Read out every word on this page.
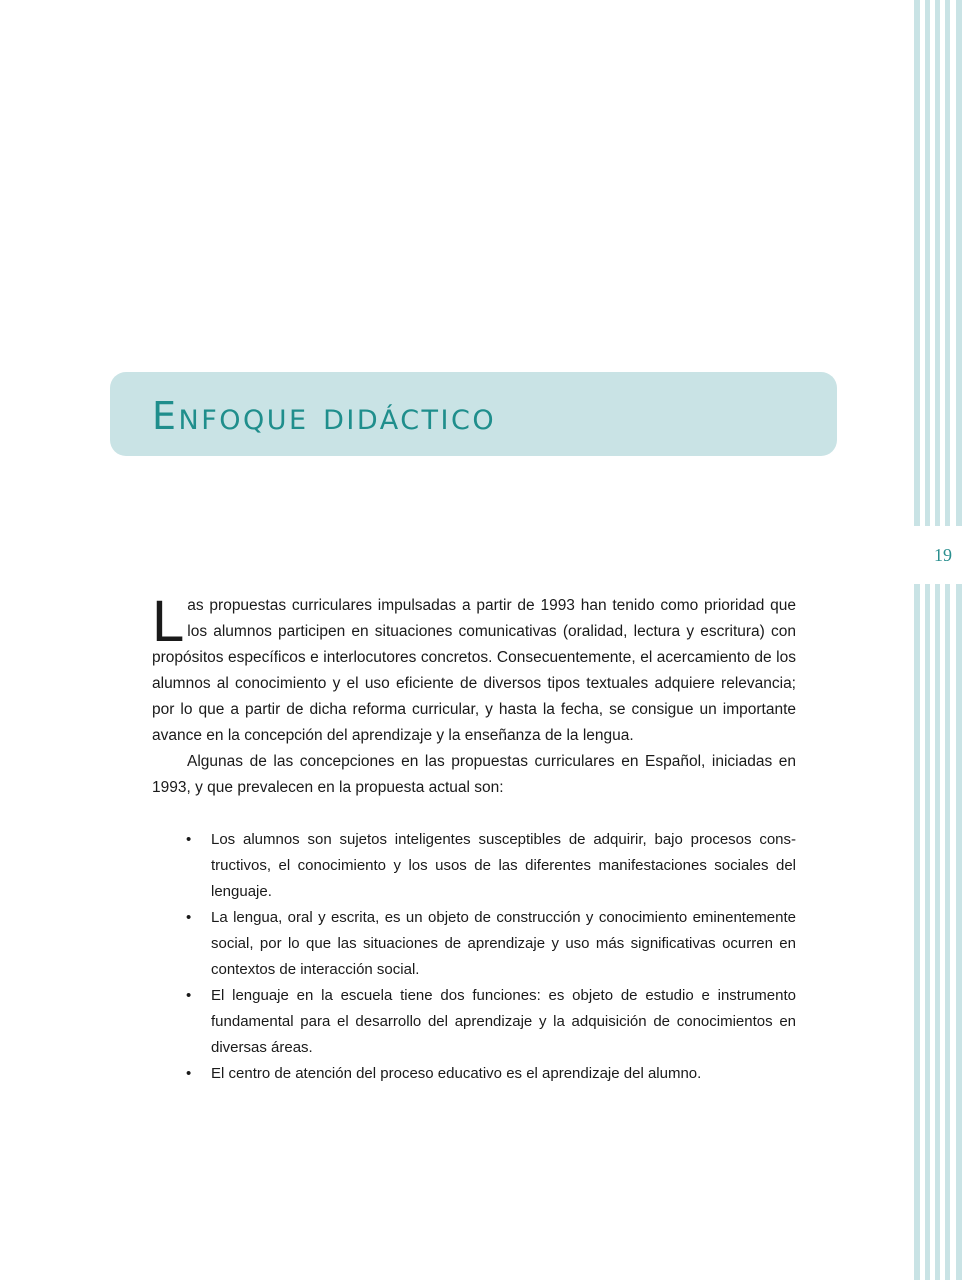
19
Enfoque didáctico

Las propuestas curriculares impulsadas a partir de 1993 han tenido como prioridad que los alumnos participen en situaciones comunicativas (oralidad, lectura y escritura) con propósitos específicos e interlocutores concretos. Consecuentemente, el acercamiento de los alumnos al conocimiento y el uso eficiente de diversos tipos textuales adquiere relevancia; por lo que a partir de dicha reforma curricular, y hasta la fecha, se consigue un importante avance en la concepción del aprendizaje y la enseñanza de la lengua.

Algunas de las concepciones en las propuestas curriculares en Español, iniciadas en 1993, y que prevalecen en la propuesta actual son:

• Los alumnos son sujetos inteligentes susceptibles de adquirir, bajo procesos constructivos, el conocimiento y los usos de las diferentes manifestaciones sociales del lenguaje.
• La lengua, oral y escrita, es un objeto de construcción y conocimiento eminentemente social, por lo que las situaciones de aprendizaje y uso más significativas ocurren en contextos de interacción social.
• El lenguaje en la escuela tiene dos funciones: es objeto de estudio e instrumento fundamental para el desarrollo del aprendizaje y la adquisición de conocimientos en diversas áreas.
• El centro de atención del proceso educativo es el aprendizaje del alumno.
